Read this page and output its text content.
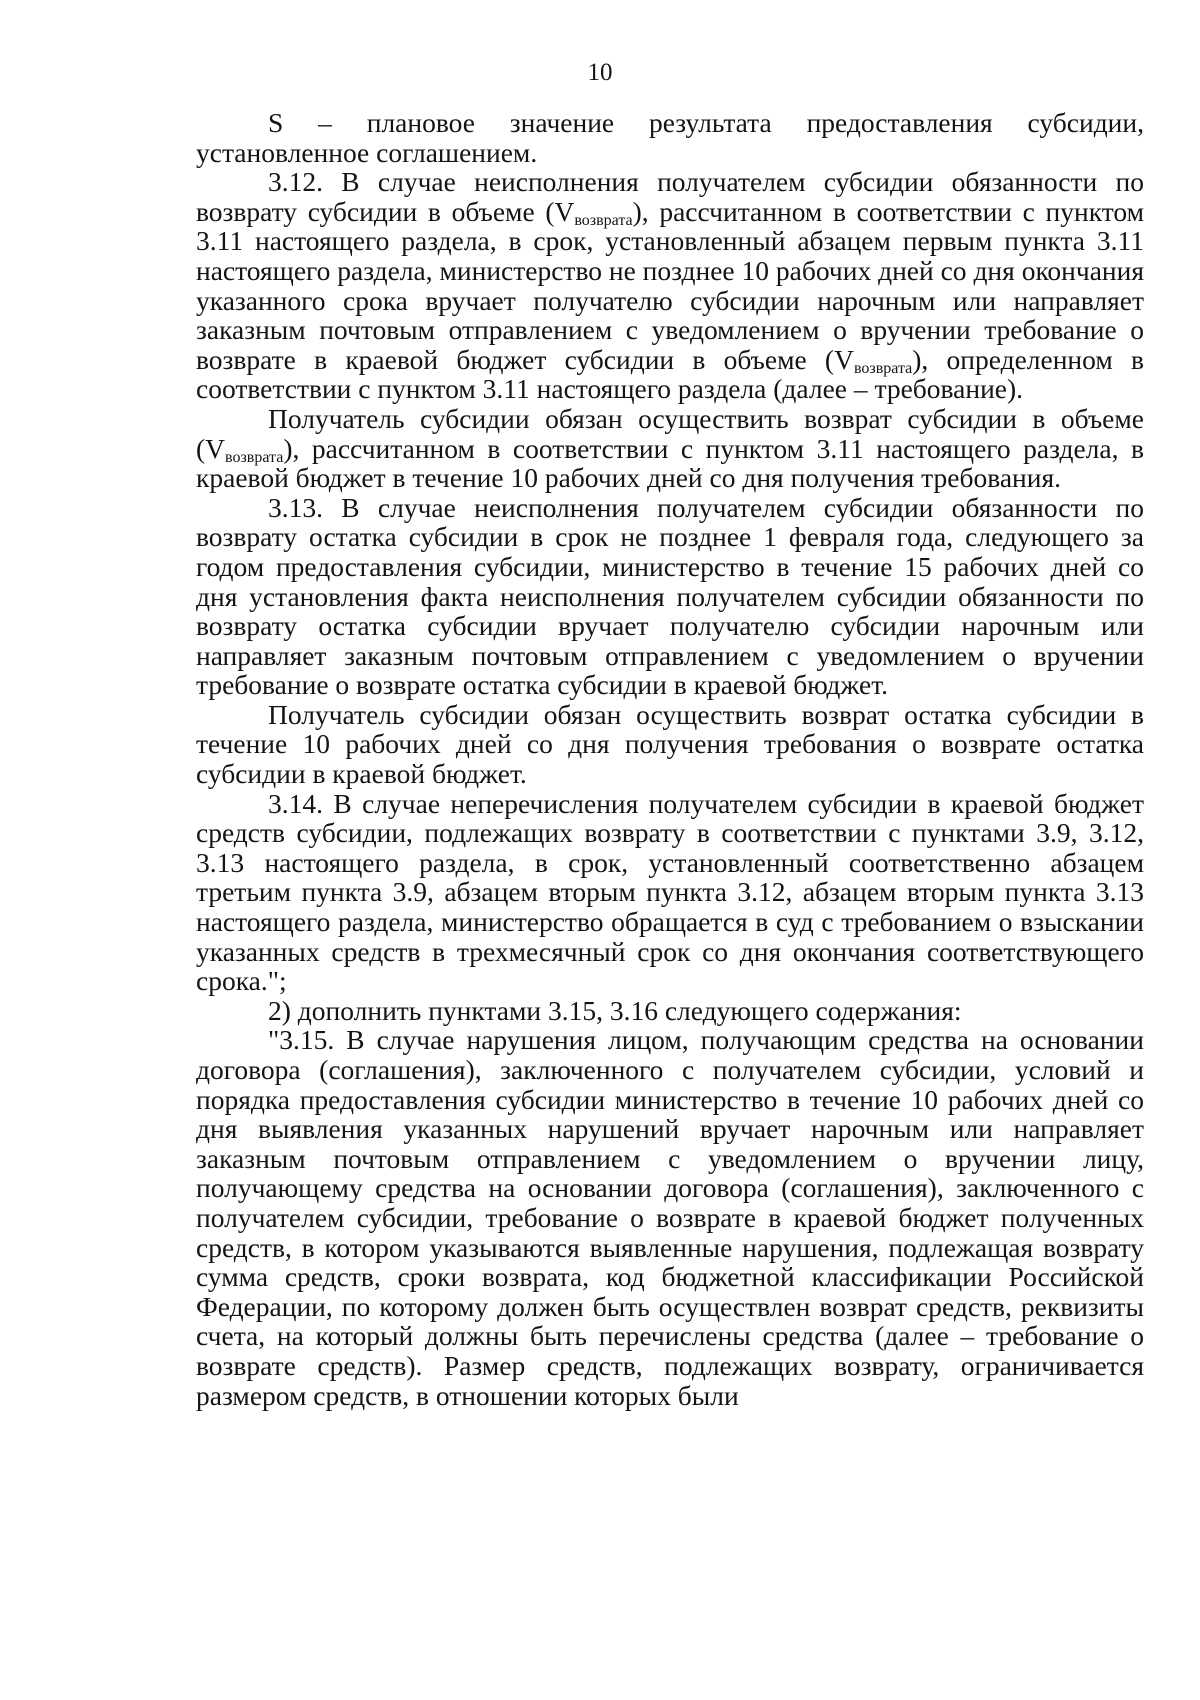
10

S – плановое значение результата предоставления субсидии, установленное соглашением.

3.12. В случае неисполнения получателем субсидии обязанности по возврату субсидии в объеме $(V_{возврата})$, рассчитанном в соответствии с пунктом 3.11 настоящего раздела, в срок, установленный абзацем первым пункта 3.11 настоящего раздела, министерство не позднее 10 рабочих дней со дня окончания указанного срока вручает получателю субсидии нарочным или направляет заказным почтовым отправлением с уведомлением о вручении требование о возврате в краевой бюджет субсидии в объеме $(V_{возврата})$, определенном в соответствии с пунктом 3.11 настоящего раздела (далее – требование).

Получатель субсидии обязан осуществить возврат субсидии в объеме $(V_{возврата})$, рассчитанном в соответствии с пунктом 3.11 настоящего раздела, в краевой бюджет в течение 10 рабочих дней со дня получения требования.

3.13. В случае неисполнения получателем субсидии обязанности по возврату остатка субсидии в срок не позднее 1 февраля года, следующего за годом предоставления субсидии, министерство в течение 15 рабочих дней со дня установления факта неисполнения получателем субсидии обязанности по возврату остатка субсидии вручает получателю субсидии нарочным или направляет заказным почтовым отправлением с уведомлением о вручении требование о возврате остатка субсидии в краевой бюджет.

Получатель субсидии обязан осуществить возврат остатка субсидии в течение 10 рабочих дней со дня получения требования о возврате остатка субсидии в краевой бюджет.

3.14. В случае неперечисления получателем субсидии в краевой бюджет средств субсидии, подлежащих возврату в соответствии с пунктами 3.9, 3.12, 3.13 настоящего раздела, в срок, установленный соответственно абзацем третьим пункта 3.9, абзацем вторым пункта 3.12, абзацем вторым пункта 3.13 настоящего раздела, министерство обращается в суд с требованием о взыскании указанных средств в трехмесячный срок со дня окончания соответствующего срока.";

2) дополнить пунктами 3.15, 3.16 следующего содержания:

"3.15. В случае нарушения лицом, получающим средства на основании договора (соглашения), заключенного с получателем субсидии, условий и порядка предоставления субсидии министерство в течение 10 рабочих дней со дня выявления указанных нарушений вручает нарочным или направляет заказным почтовым отправлением с уведомлением о вручении лицу, получающему средства на основании договора (соглашения), заключенного с получателем субсидии, требование о возврате в краевой бюджет полученных средств, в котором указываются выявленные нарушения, подлежащая возврату сумма средств, сроки возврата, код бюджетной классификации Российской Федерации, по которому должен быть осуществлен возврат средств, реквизиты счета, на который должны быть перечислены средства (далее – требование о возврате средств). Размер средств, подлежащих возврату, ограничивается размером средств, в отношении которых были
